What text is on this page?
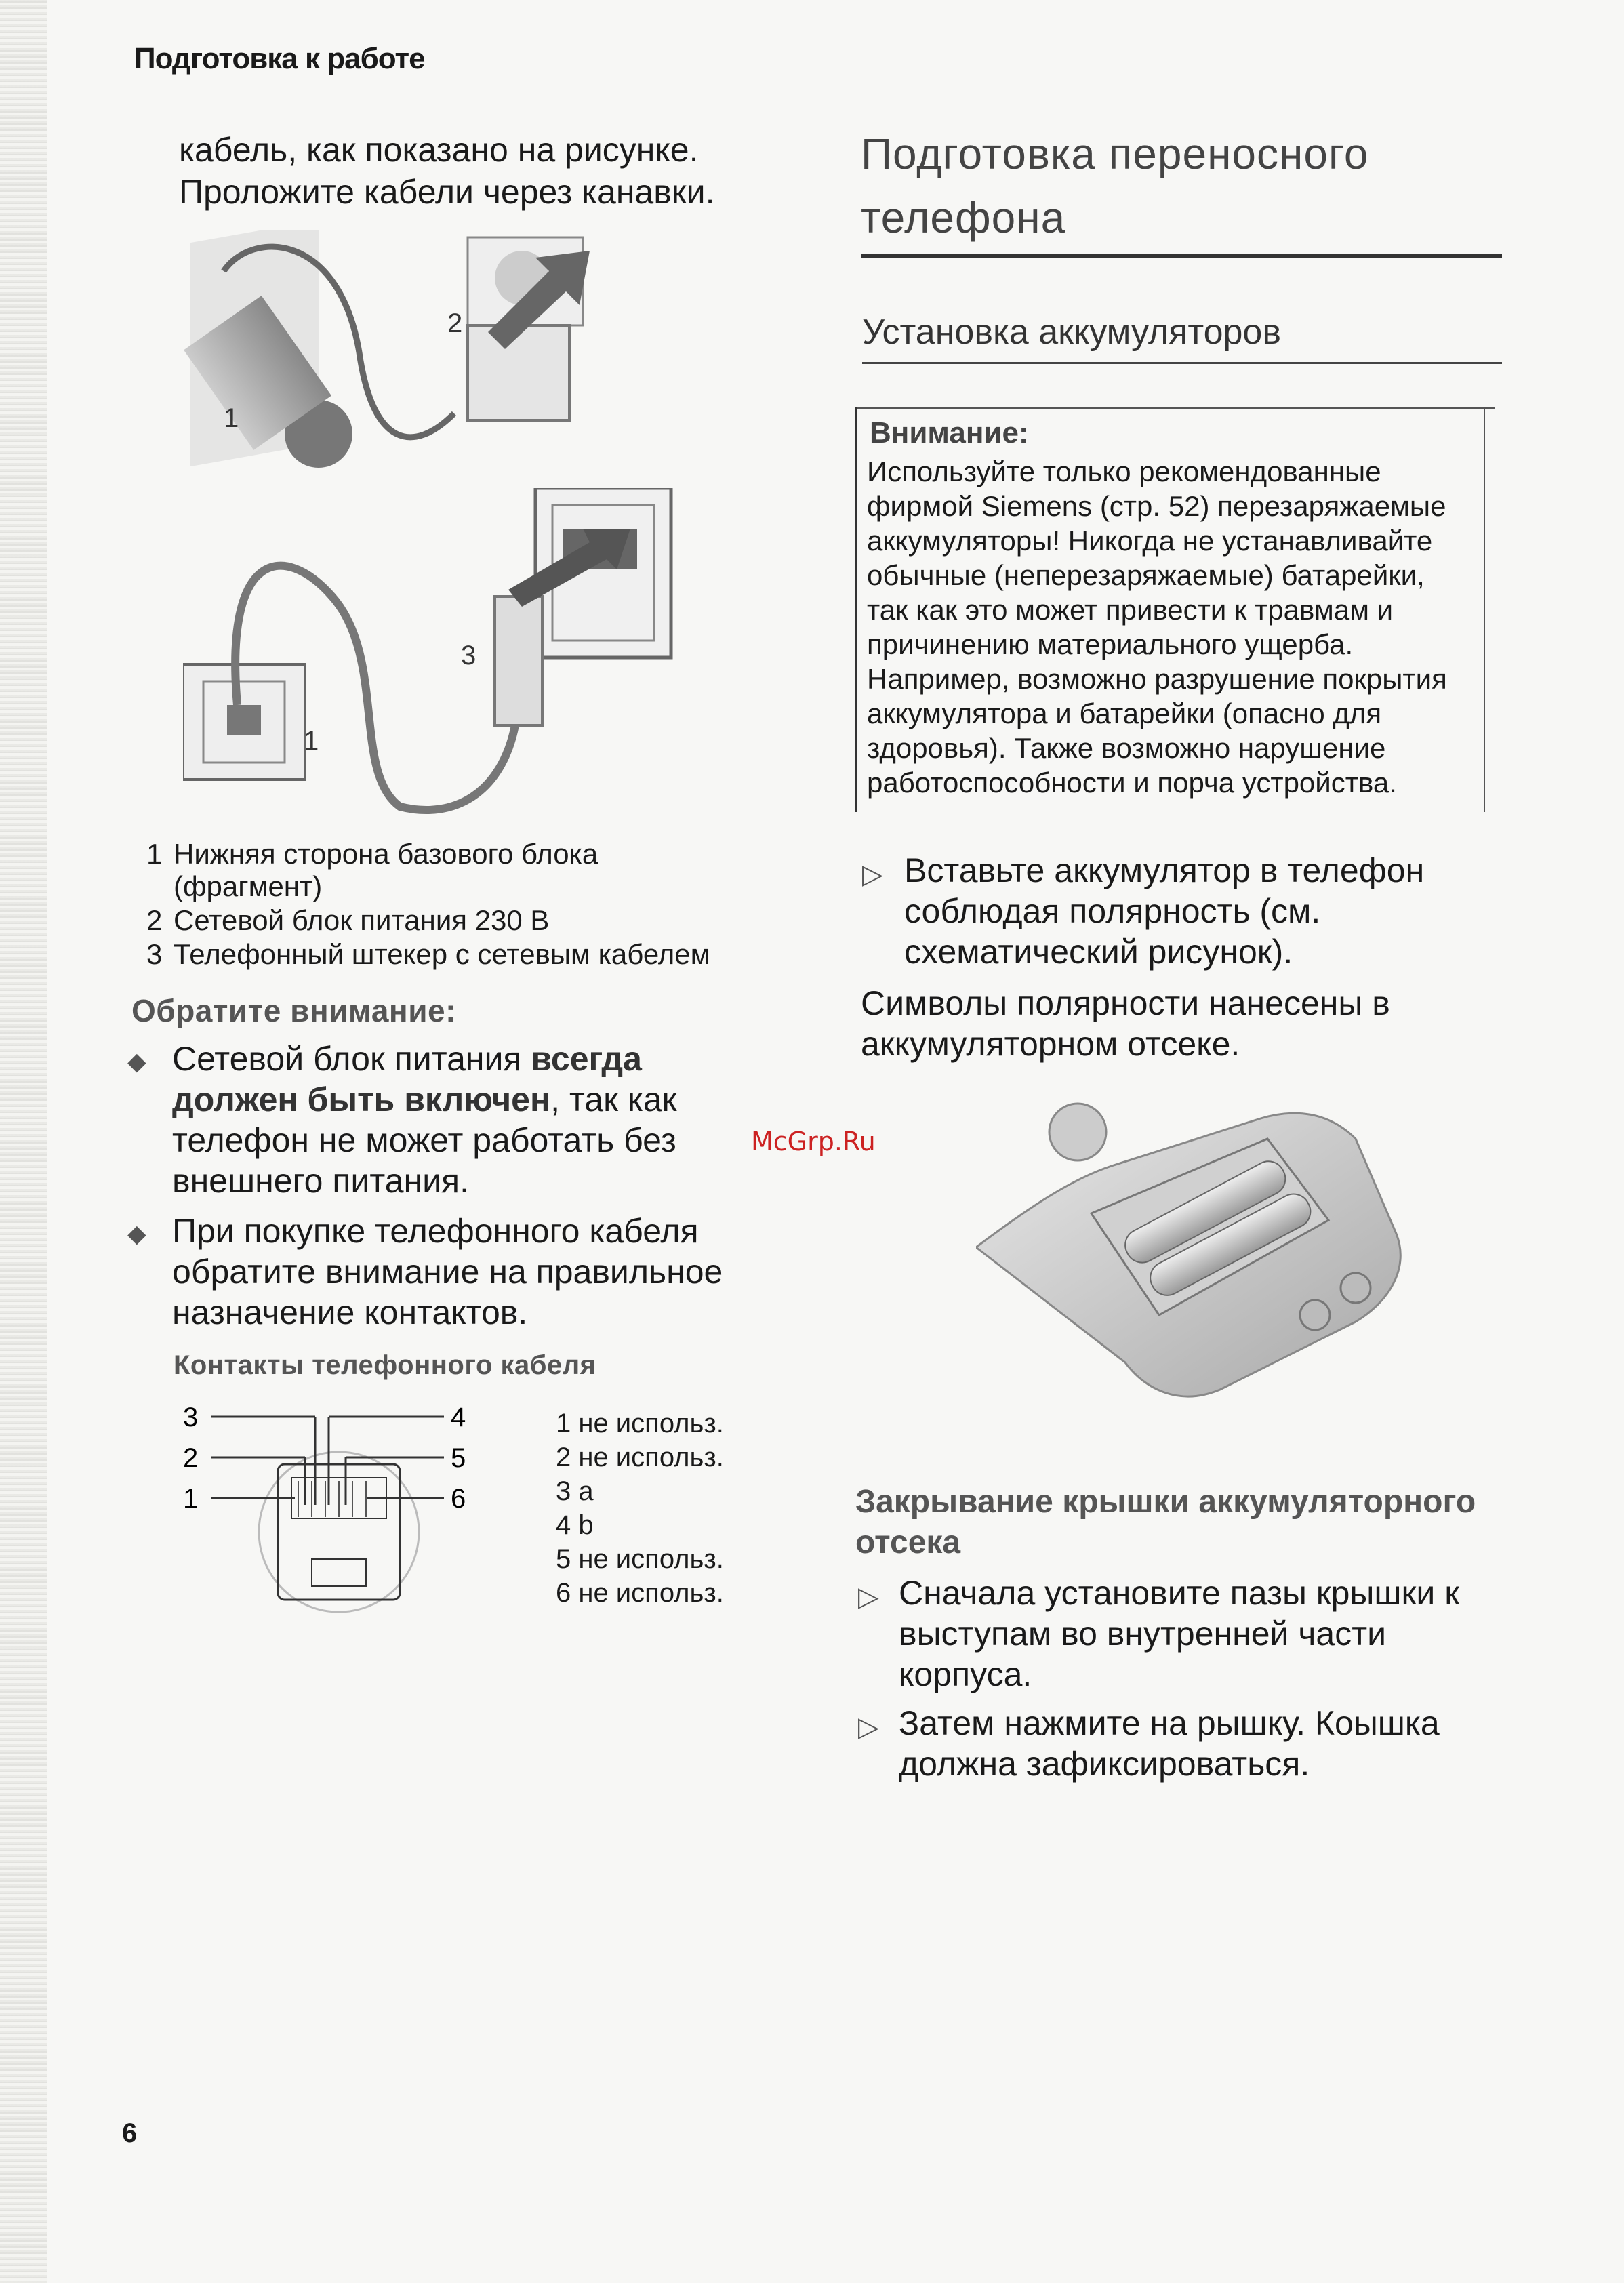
Подготовка к работе
кабель, как показано на рисунке.
Проложите кабели через канавки.
2
1
3
1
1 Нижняя сторона базового блока
(фрагмент)
2 Сетевой блок питания 230 В
3 Телефонный штекер с сетевым кабелем
Обратите внимание:
◆ Сетевой блок питания всегда
должен быть включен, так как
телефон не может работать без
внешнего питания.
◆ При покупке телефонного кабеля
обратите внимание на правильное
назначение контактов.
Контакты телефонного кабеля
3
2
1
4
5
6
1 не использ.
2 не использ.
3 a
4 b
5 не использ.
6 не использ.
McGrp.Ru
Подготовка переносного
телефона
Установка аккумуляторов
Внимание:
Используйте только рекомендованные
фирмой Siemens (стр. 52) перезаряжаемые
аккумуляторы! Никогда не устанавливайте
обычные (неперезаряжаемые) батарейки,
так как это может привести к травмам и
причинению материального ущерба.
Например, возможно разрушение покрытия
аккумулятора и батарейки (опасно для
здоровья). Также возможно нарушение
работоспособности и порча устройства.
▷ Вставьте аккумулятор в телефон
соблюдая полярность (см.
схематический рисунок).
Символы полярности нанесены в
аккумуляторном отсеке.
Закрывание крышки аккумуляторного
отсека
▷ Сначала установите пазы крышки к
выступам во внутренней части
корпуса.
▷ Затем нажмите на рышку. Коышка
должна зафиксироваться.
6
